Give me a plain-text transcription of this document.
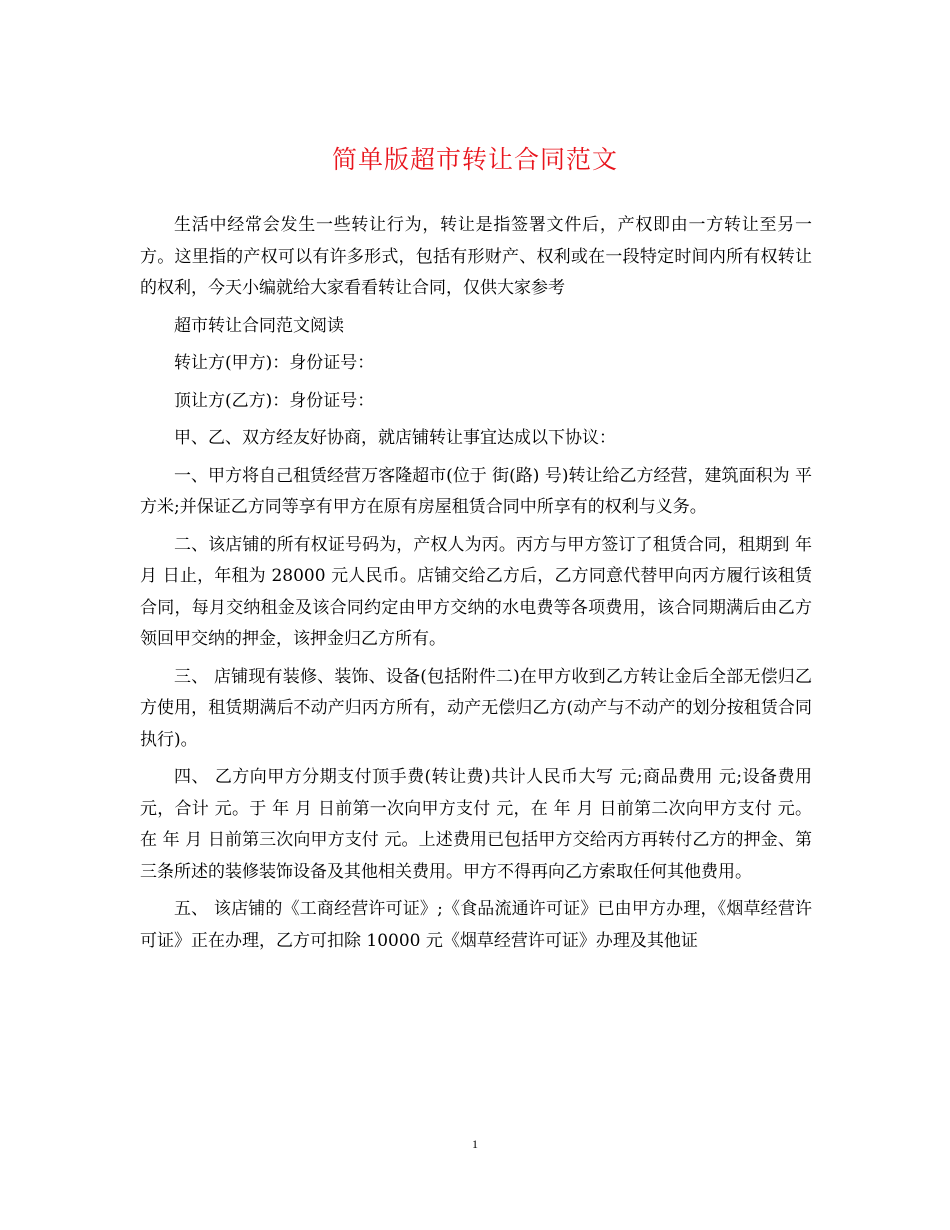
简单版超市转让合同范文

生活中经常会发生一些转让行为，转让是指签署文件后，产权即由一方转让至另一方。这里指的产权可以有许多形式，包括有形财产、权利或在一段特定时间内所有权转让的权利，今天小编就给大家看看转让合同，仅供大家参考

超市转让合同范文阅读
转让方(甲方)：身份证号：
顶让方(乙方)：身份证号：
甲、乙、双方经友好协商，就店铺转让事宜达成以下协议：

一、甲方将自己租赁经营万客隆超市(位于 街(路) 号)转让给乙方经营，建筑面积为 平方米;并保证乙方同等享有甲方在原有房屋租赁合同中所享有的权利与义务。

二、该店铺的所有权证号码为，产权人为丙。丙方与甲方签订了租赁合同，租期到 年 月 日止，年租为 28000 元人民币。店铺交给乙方后，乙方同意代替甲向丙方履行该租赁合同，每月交纳租金及该合同约定由甲方交纳的水电费等各项费用，该合同期满后由乙方领回甲交纳的押金，该押金归乙方所有。

三、 店铺现有装修、装饰、设备(包括附件二)在甲方收到乙方转让金后全部无偿归乙方使用，租赁期满后不动产归丙方所有，动产无偿归乙方(动产与不动产的划分按租赁合同执行)。

四、 乙方向甲方分期支付顶手费(转让费)共计人民币大写 元;商品费用 元;设备费用 元，合计 元。于 年 月 日前第一次向甲方支付 元，在 年 月 日前第二次向甲方支付 元。在 年 月 日前第三次向甲方支付 元。上述费用已包括甲方交给丙方再转付乙方的押金、第三条所述的装修装饰设备及其他相关费用。甲方不得再向乙方索取任何其他费用。

五、 该店铺的《工商经营许可证》;《食品流通许可证》已由甲方办理，《烟草经营许可证》正在办理，乙方可扣除 10000 元《烟草经营许可证》办理及其他证

1
